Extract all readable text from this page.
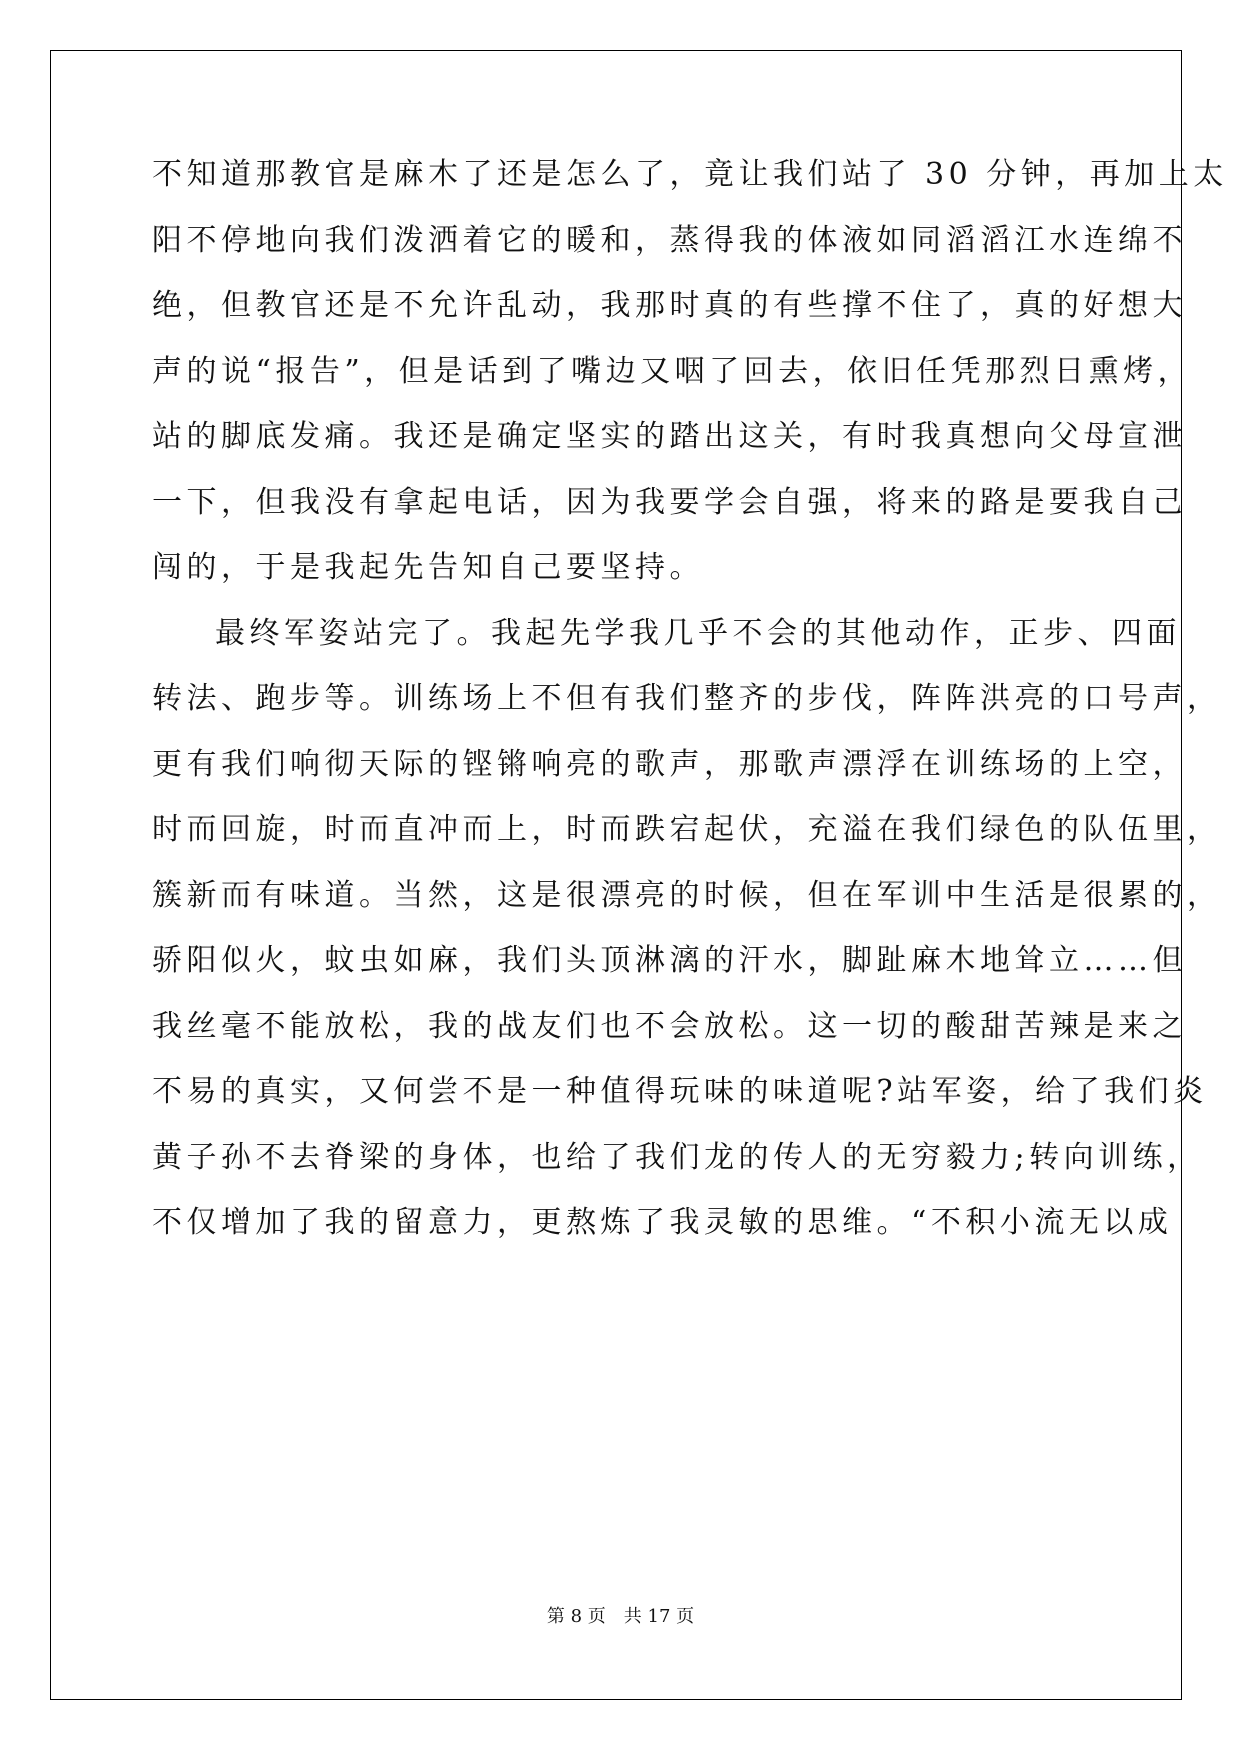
不知道那教官是麻木了还是怎么了，竟让我们站了 30 分钟，再加上太
阳不停地向我们泼洒着它的暖和，蒸得我的体液如同滔滔江水连绵不
绝，但教官还是不允许乱动，我那时真的有些撑不住了，真的好想大
声的说“报告”，但是话到了嘴边又咽了回去，依旧任凭那烈日熏烤，
站的脚底发痛。我还是确定坚实的踏出这关，有时我真想向父母宣泄
一下，但我没有拿起电话，因为我要学会自强，将来的路是要我自己
闯的，于是我起先告知自己要坚持。
最终军姿站完了。我起先学我几乎不会的其他动作，正步、四面
转法、跑步等。训练场上不但有我们整齐的步伐，阵阵洪亮的口号声，
更有我们响彻天际的铿锵响亮的歌声，那歌声漂浮在训练场的上空，
时而回旋，时而直冲而上，时而跌宕起伏，充溢在我们绿色的队伍里，
簇新而有味道。当然，这是很漂亮的时候，但在军训中生活是很累的，
骄阳似火，蚊虫如麻，我们头顶淋漓的汗水，脚趾麻木地耸立……但
我丝毫不能放松，我的战友们也不会放松。这一切的酸甜苦辣是来之
不易的真实，又何尝不是一种值得玩味的味道呢?站军姿，给了我们炎
黄子孙不去脊梁的身体，也给了我们龙的传人的无穷毅力;转向训练，
不仅增加了我的留意力，更熬炼了我灵敏的思维。“不积小流无以成
第 8 页 共 17 页
